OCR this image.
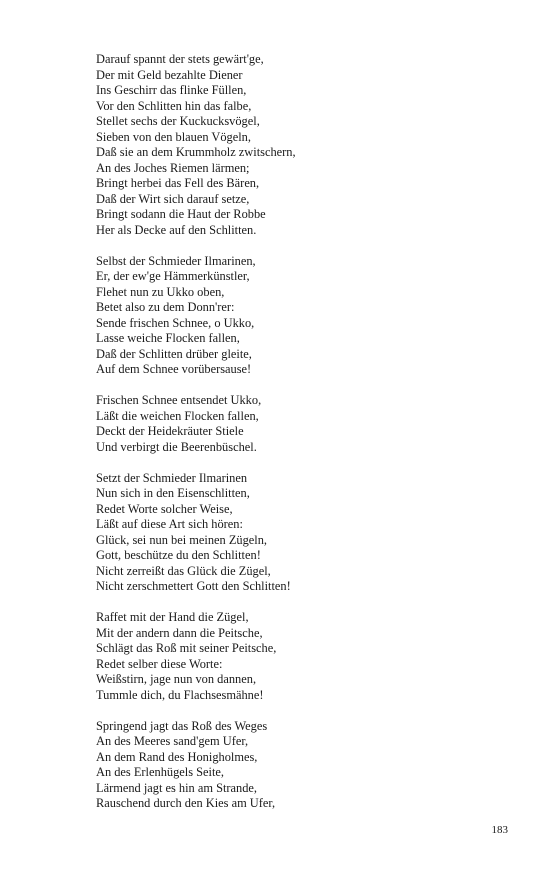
Darauf spannt der stets gewärt'ge,
Der mit Geld bezahlte Diener
Ins Geschirr das flinke Füllen,
Vor den Schlitten hin das falbe,
Stellet sechs der Kuckucksvögel,
Sieben von den blauen Vögeln,
Daß sie an dem Krummholz zwitschern,
An des Joches Riemen lärmen;
Bringt herbei das Fell des Bären,
Daß der Wirt sich darauf setze,
Bringt sodann die Haut der Robbe
Her als Decke auf den Schlitten.
Selbst der Schmieder Ilmarinen,
Er, der ew'ge Hämmerkünstler,
Flehet nun zu Ukko oben,
Betet also zu dem Donn'rer:
Sende frischen Schnee, o Ukko,
Lasse weiche Flocken fallen,
Daß der Schlitten drüber gleite,
Auf dem Schnee vorübersause!
Frischen Schnee entsendet Ukko,
Läßt die weichen Flocken fallen,
Deckt der Heidekräuter Stiele
Und verbirgt die Beerenbüschel.
Setzt der Schmieder Ilmarinen
Nun sich in den Eisenschlitten,
Redet Worte solcher Weise,
Läßt auf diese Art sich hören:
Glück, sei nun bei meinen Zügeln,
Gott, beschütze du den Schlitten!
Nicht zerreißt das Glück die Zügel,
Nicht zerschmettert Gott den Schlitten!
Raffet mit der Hand die Zügel,
Mit der andern dann die Peitsche,
Schlägt das Roß mit seiner Peitsche,
Redet selber diese Worte:
Weißstirn, jage nun von dannen,
Tummle dich, du Flachsesmähne!
Springend jagt das Roß des Weges
An des Meeres sand'gem Ufer,
An dem Rand des Honigholmes,
An des Erlenhügels Seite,
Lärmend jagt es hin am Strande,
Rauschend durch den Kies am Ufer,
183
